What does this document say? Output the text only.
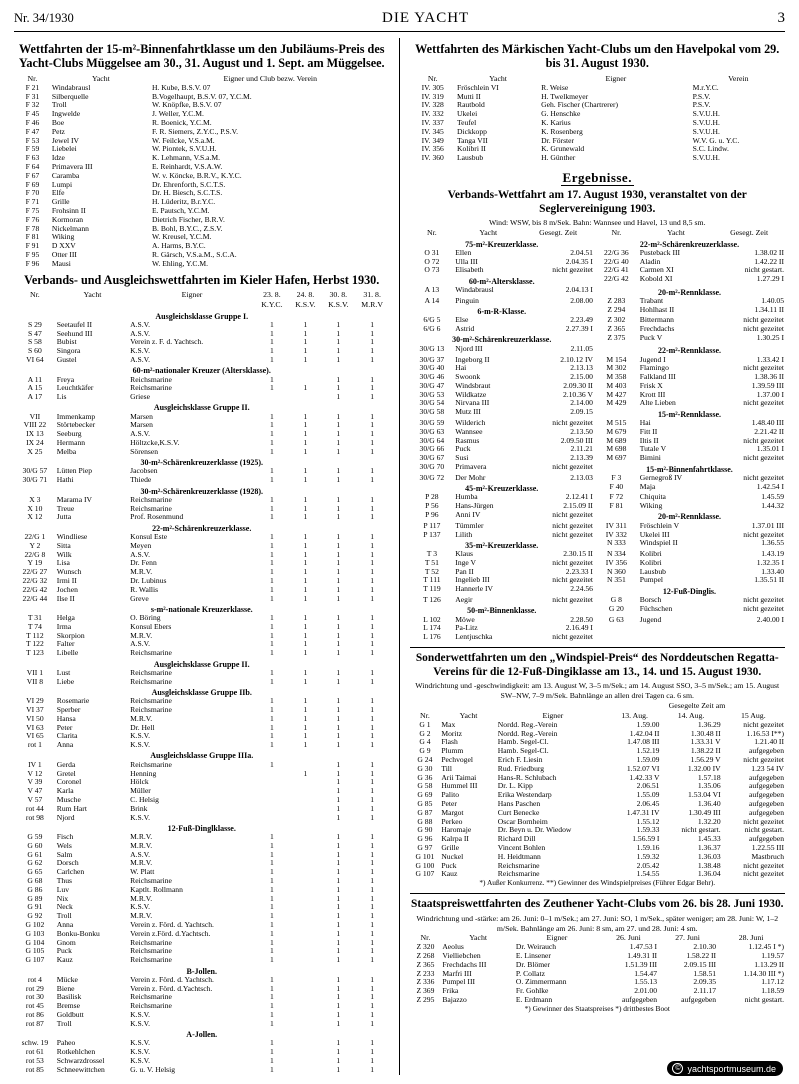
Nr. 34/1930	DIE YACHT	3
Wettfahrten der 15-m²-Binnenfahrtklasse um den Jubiläums-Preis des Yacht-Clubs Müggelsee am 30., 31. August und 1. Sept. am Müggelsee.
Nr.	Yacht	Eigner und Club bezw. Verein
F 21	Windabrausl	H. Kube, B.S.V. 07
F 31	Silberquelle	B.Vogelhaupt, B.S.V. 07, Y.C.M.
F 32	Troll	W. Knöpfke, B.S.V. 07
F 45	Ingwelde	J. Weller, Y.C.M.
F 46	Boe	R. Boenick, Y.C.M.
F 47	Petz	F. R. Siemers, Z.Y.C., P.S.V.
F 53	Jewel IV	W. Feilcke, V.S.a.M.
F 59	Liebelei	W. Piontek, S.V.U.H.
F 63	Idze	K. Lehmann, V.S.a.M.
F 64	Primavera III	E. Reinhardt, V.S.A.W.
F 67	Caramba	W. v. Köncke, B.R.V., K.Y.C.
F 69	Lumpi	Dr. Ehrenforth, S.C.T.S.
F 70	Elfe	Dr. H. Biesch, S.C.T.S.
F 71	Grille	H. Lüderitz, B.r.Y.C.
F 75	Frohsinn II	E. Pautsch, Y.C.M.
F 76	Kormoran	Dietrich Fischer, B.R.V.
F 78	Nickelmann	B. Bohl, B.Y.C., Z.S.V.
F 81	Wiking	W. Kreusel, Y.C.M.
F 91	D XXV	A. Harms, B.Y.C.
F 95	Otter III	R. Gärsch, V.S.a.M., S.C.A.
F 96	Mausi	W. Ehling, Y.C.M.
Verbands- und Ausgleichswettfahrten im Kieler Hafen, Herbst 1930.
Nr.	Yacht	Eigner	23. 8.	24. 8.	30. 8.	31. 8.
			K.Y.C.	K.S.V.	K.S.V.	M.R.V
Ausgleichsklasse Gruppe I.						
S 29	Seetaufel II	A.S.V.	1	1	1	1
S 47	Seehund III	A.S.V.	1	1	1	1
S 58	Bubist	Verein z. F. d. Yachtsch.	1	1	1	1
S 60	Singora	K.S.V.	1	1	1	1
VI 64	Gustel	A.S.V.	1	1	1	1
60-m²-nationaler Kreuzer (Altersklasse).						
A 11	Freya	Reichsmarine	1		1	1
A 15	Leuchtkäfer	Reichsmarine	1	1	1	1
A 17	Lis	Griese			1	1
Ausgleichsklasse Gruppe II.						
VII	Immenkamp	Marsen	1	1	1	1
VIII 22	Störtebecker	Marsen	1	1	1	1
IX 13	Seeburg	A.S.V.	1	1	1	1
IX 24	Hermann	Höltzcke,K.S.V.	1	1	1	1
X 25	Melba	Sörensen	1	1	1	1
30-m²-Schärenkreuzerklasse (1925).						
30/G 57	Lütten Piep	Jacobsen	1	1	1	1
30/G 71	Hathi	Thiede	1	1	1	1
30-m²-Schärenkreuzerklasse (1928).						
X 3	Marama IV	Reichsmarine	1	1	1	1
X 10	Treue	Reichsmarine	1	1	1	1
X 12	Jutta	Prof. Rosenmund	1	1	1	1
22-m²-Schärenkreuzerklasse.						
22/G 1	Windliese	Konsul Este	1	1	1	1
Y 2	Sitta	Meyen	1	1	1	1
22/G 8	Wilk	A.S.V.	1	1	1	1
Y 19	Lisa	Dr. Fenn	1	1	1	1
22/G 27	Wunsch	M.R.V.	1	1	1	1
22/G 32	Irmi II	Dr. Lubinus	1	1	1	1
22/G 42	Jochen	R. Wallis	1	1	1	1
22/G 44	Ilse II	Greve	1	1	1	1
s-m²-nationale Kreuzerklasse.						
T 31	Helga	O. Böring	1	1	1	1
T 74	Irma	Konsul Ebers	1	1	1	1
T 112	Skorpion	M.R.V.	1	1	1	1
T 122	Falter	A.S.V.	1	1	1	1
T 123	Libelle	Reichsmarine	1	1	1	1
Ausgleichsklasse Gruppe II.						
VII 1	Lust	Reichsmarine	1	1	1	1
VII 8	Liebe	Reichsmarine	1	1	1	1
Ausgleichsklasse Gruppe IIb.						
VI 29	Rosemarie	Reichsmarine	1	1	1	1
VI 37	Sperber	Reichsmarine	1	1	1	1
VI 50	Hansa	M.R.V.	1	1	1	1
VI 63	Peter	Dr. Hell	1	1	1	1
VI 65	Clarita	K.S.V.	1	1	1	1
rot 1	Anna	K.S.V.	1	1	1	1
Ausgleichsklasse Gruppe IIIa.						
IV 1	Gerda	Reichsmarine	1		1	1
V 12	Gretel	Henning		1	1	1
V 39	Coronel	Hölck			1	1
V 47	Karla	Müller			1	1
V 57	Musche	C. Helsig			1	1
rot 44	Rum Hart	Brink			1	1
rot 98	Njord	K.S.V.			1	1
12-Fuß-Dinglklasse.						
G 59	Fisch	M.R.V.	1		1	1
G 60	Wels	M.R.V.	1		1	1
G 61	Salm	A.S.V.	1		1	1
G 62	Dorsch	M.R.V.	1		1	1
G 65	Carlchen	W. Platt	1		1	1
G 68	Thus	Reichsmarine	1		1	1
G 86	Luv	Kaptlt. Rollmann	1		1	1
G 89	Nix	M.R.V.	1		1	1
G 91	Neck	K.S.V.	1		1	1
G 92	Troll	M.R.V.	1		1	1
G 102	Anna	Verein z. Förd. d. Yachtsch.	1		1	1
G 103	Bonku-Bonku	Verein z.Förd. d.Yachtsch.	1		1	1
G 104	Gnom	Reichsmarine	1		1	1
G 105	Puck	Reichsmarine	1		1	1
G 107	Kauz	Reichsmarine	1		1	1
B-Jollen.						
rot 4	Mücke	Verein z. Förd. d. Yachtsch.	1		1	1
rot 29	Biene	Verein z. Förd. d.Yachtsch.	1		1	1
rot 30	Basilisk	Reichsmarine	1		1	1
rot 45	Bremse	Reichsmarine	1		1	1
rot 86	Goldbutt	K.S.V.	1		1	1
rot 87	Troll	K.S.V.	1		1	1
A-Jollen.						
schw. 19	Paheo	K.S.V.	1		1	1
rot 61	Rotkehlchen	K.S.V.	1		1	1
rot 53	Schwarzdrossel	K.S.V.	1		1	1
rot 85	Schneewittchen	G. u. V. Helsig	1		1	1
Wettfahrten des Märkischen Yacht-Clubs um den Havelpokal vom 29. bis 31. August 1930.
Nr.	Yacht	Eigner	Verein
IV. 305	Fröschlein VI	R. Weise	M.r.Y.C.
IV. 319	Mutti II	H. Twelkmeyer	P.S.V.
IV. 328	Rautbold	Geh. Fischer (Chartrerer)	P.S.V.
IV. 332	Ukelei	G. Henschke	S.V.U.H.
IV. 337	Teufel	K. Karius	S.V.U.H.
IV. 345	Dickkopp	K. Rosenberg	S.V.U.H.
IV. 349	Tanga VII	Dr. Förster	W.V. G. u. Y.C.
IV. 356	Kolibri II	K. Grunewald	S.C. Lindw.
IV. 360	Lausbub	H. Günther	S.V.U.H.
Ergebnisse.
Verbands-Wettfahrt am 17. August 1930, veranstaltet von der Seglervereinigung 1903.
Wind: WSW, bis 8 m/Sek. Bahn: Wannsee und Havel, 13 und 8,5 sm.
Nr.	Yacht	Gesegt. Zeit	Nr.	Yacht	Gesegt. Zeit
75-m²-Kreuzerklasse.			22-m²-Schärenkreuzerklasse.		
O 31	Ellen	2.04.51	22/G 36	Pusteback III	1.38.02 II
O 72	Ulla III	2.04.35 I	22/G 40	Aladin	1.42.22 II
O 73	Elisabeth	nicht gezeitet	22/G 41	Carmen XI	nicht gestart.
60-m²-Altersklasse.			22/G 42	Kobold XI	1.27.29 I
A 13	Windabrausl	2.04.13 I	20-m²-Rennklasse.		
A 14	Pinguin	2.08.00	Z 283	Trabant	1.40.05
6-m-R-Klasse.			Z 294	Hohlhast II	1.34.11 II
6/G 5	Else	2.23.49	Z 302	Bittermann	nicht gezeitet
6/G 6	Astrid	2.27.39 I	Z 365	Frechdachs	nicht gezeitet
30-m²-Schärenkreuzerklasse.			Z 375	Puck V	1.30.25 I
30/G 13	Njord III	2.11.05	22-m²-Rennklasse.		
30/G 37	Ingeborg II	2.10.12 IV	M 154	Jugend I	1.33.42 I
30/G 40	Hai	2.13.13	M 302	Flamingo	nicht gezeitet
30/G 46	Swoonk	2.15.00	M 358	Falkland III	1.38.36 II
30/G 47	Windsbraut	2.09.30 II	M 403	Frisk X	1.39.59 III
30/G 53	Wildkatze	2.10.36 V	M 427	Krott III	1.37.00 I
30/G 54	Nirvana III	2.14.00	M 429	Alte Lieben	nicht gezeitet
30/G 58	Mutz III	2.09.15	15-m²-Rennklasse.		
30/G 59	Wilderich	nicht gezeitet	M 515	Hai	1.48.40 III
30/G 63	Wannsee	2.13.50	M 679	Fitt II	2.21.42 II
30/G 64	Rasmus	2.09.50 III	M 689	Iltis II	nicht gezeitet
30/G 66	Puck	2.11.21	M 698	Tutale V	1.35.01 I
30/G 67	Susi	2.13.39	M 697	Bimini	nicht gezeitet
30/G 70	Primavera	nicht gezeitet	15-m²-Binnenfahrtklasse.		
30/G 72	Der Mohr	2.13.03	F 3	Gernegroß IV	nicht gezeitet
45-m²-Kreuzerklasse.			F 40	Maja	1.42.54 I
P 28	Humba	2.12.41 I	F 72	Chiquita	1.45.59
P 56	Hans-Jürgen	2.15.09 II	F 81	Wiking	1.44.32
P 96	Anni IV	nicht gezeitet	20-m²-Rennklasse.		
P 117	Tümmler	nicht gezeitet	IV 311	Fröschlein V	1.37.01 III
P 137	Lilith	nicht gezeitet	IV 332	Ukelei III	nicht gezeitet
35-m²-Kreuzerklasse.			N 333	Windspiel II	1.36.55
T 3	Klaus	2.30.15 II	N 334	Kolibri	1.43.19
T 51	Inge V	nicht gezeitet	IV 356	Kolibri	1.32.35 I
T 52	Pan II	2.23.33 I	N 360	Lausbub	1.33.40
T 111	Ingelieb III	nicht gezeitet	N 351	Pumpel	1.35.51 II
T 119	Hannerle IV	2.24.56	12-Fuß-Dinglis.		
T 126	Aegir	nicht gezeitet	G 8	Borsch	nicht gezeitet
50-m²-Binnenklasse.			G 20	Füchschen	nicht gezeitet
L 102	Möwe	2.28.50	G 63	Jugend	2.40.00 I
L 174	Pa-Litz	2.16.49 I			
L 176	Lentjuschka	nicht gezeitet			
Sonderwettfahrten um den „Windspiel-Preis“ des Norddeutschen Regatta-Vereins für die 12-Fuß-Dingiklasse am 13., 14. und 15. August 1930.
Windrichtung und -geschwindigkeit: am 13. August W, 3–5 m/Sek.; am 14. August SSO, 3–5 m/Sek.; am 15. August SW–NW, 7–9 m/Sek. Bahnlänge an allen drei Tagen ca. 6 sm.
			Gesegelte Zeit am		
Nr.	Yacht	Eigner	13. Aug.	14. Aug.	15 Aug.
G 1	Max	Nordd. Reg.-Verein	1.59.00	1.36.29	nicht gezeitet
G 2	Moritz	Nordd. Reg.-Verein	1.42.04 II	1.30.48 II	1.16.53 I**)
G 4	Flash	Hamb. Segel-Cl.	1.47.08 III	1.33.31 V	1.21.40 II
G 9	Plumm	Hamb. Segel-Cl.	1.52.19	1.38.22 II	aufgegeben
G 24	Pechvogel	Erich F. Liesin	1.59.09	1.56.29 V	nicht gezeitet
G 30	Till	Rud. Friedburg	1.52.07 VI	1.32.00 IV	1.23 54 IV
G 36	Arii Taimai	Hans-R. Schlubach	1.42.33 V	1.57.18	aufgegeben
G 58	Hummel III	Dr. L. Kipp	2.06.51	1.35.06	aufgegeben
G 69	Palito	Erika Westendarp	1.55.09	1.53.04 VI	aufgegeben
G 85	Peter	Hans Paschen	2.06.45	1.36.40	aufgegeben
G 87	Margot	Curt Benecke	1.47.31 IV	1.30.49 III	aufgegeben
G 88	Perkeo	Oscar Bornheim	1.55.12	1.32.20	nicht gezeitet
G 90	Haromaje	Dr. Beyn u. Dr. Wiedow	1.59.33	nicht gestart.	nicht gestart.
G 96	Kalrpa II	Richard Dill	1.56.59 I	1.45.33	aufgegeben
G 97	Grille	Vincent Bohlen	1.59.16	1.36.37	1.22.55 III
G 101	Nuckel	H. Heidtmann	1.59.32	1.36.03	Mastbruch
G 100	Puck	Reichsmarine	2.05.42	1.38.48	nicht gezeitet
G 107	Kauz	Reichsmarine	1.54.55	1.36.04	nicht gezeitet
*) Außer Konkurrenz. **) Gewinner des Windspielpreises (Führer Edgar Behr).
Staatspreiswettfahrten des Zeuthener Yacht-Clubs vom 26. bis 28. Juni 1930.
Windrichtung und -stärke: am 26. Juni: 0–1 m/Sek.; am 27. Juni: SO, 1 m/Sek., später weniger; am 28. Juni: W, 1–2 m/Sek. Bahnlänge am 26. Juni: 8 sm, am 27. und 28. Juni: 4 sm.
Nr.	Yacht	Eigner	26. Juni	27. Juni	28. Juni
Z 320	Aeolus	Dr. Weirauch	1.47.53 I	2.10.30	1.12.45 I *)
Z 268	Vielliebchen	E. Linsener	1.49.31 II	1.58.22 II	1.19.57
Z 365	Frechdachs III	Dr. Blömer	1.51.39 III	2.09.15 III	1.13.29 II
Z 233	Marfri III	P. Collatz	1.54.47	1.58.51	1.14.30 III *)
Z 336	Pumpel III	O. Zimmermann	1.55.13	2.09.35	1.17.12
Z 369	Frika	Fr. Gohlke	2.01.00	2.11.17	1.18.59
Z 295	Bajazzo	E. Erdmann	aufgegeben	aufgegeben	nicht gestart.
*) Gewinner des Staatspreises *) drittbestes Boot
© yachtsportmuseum.de
